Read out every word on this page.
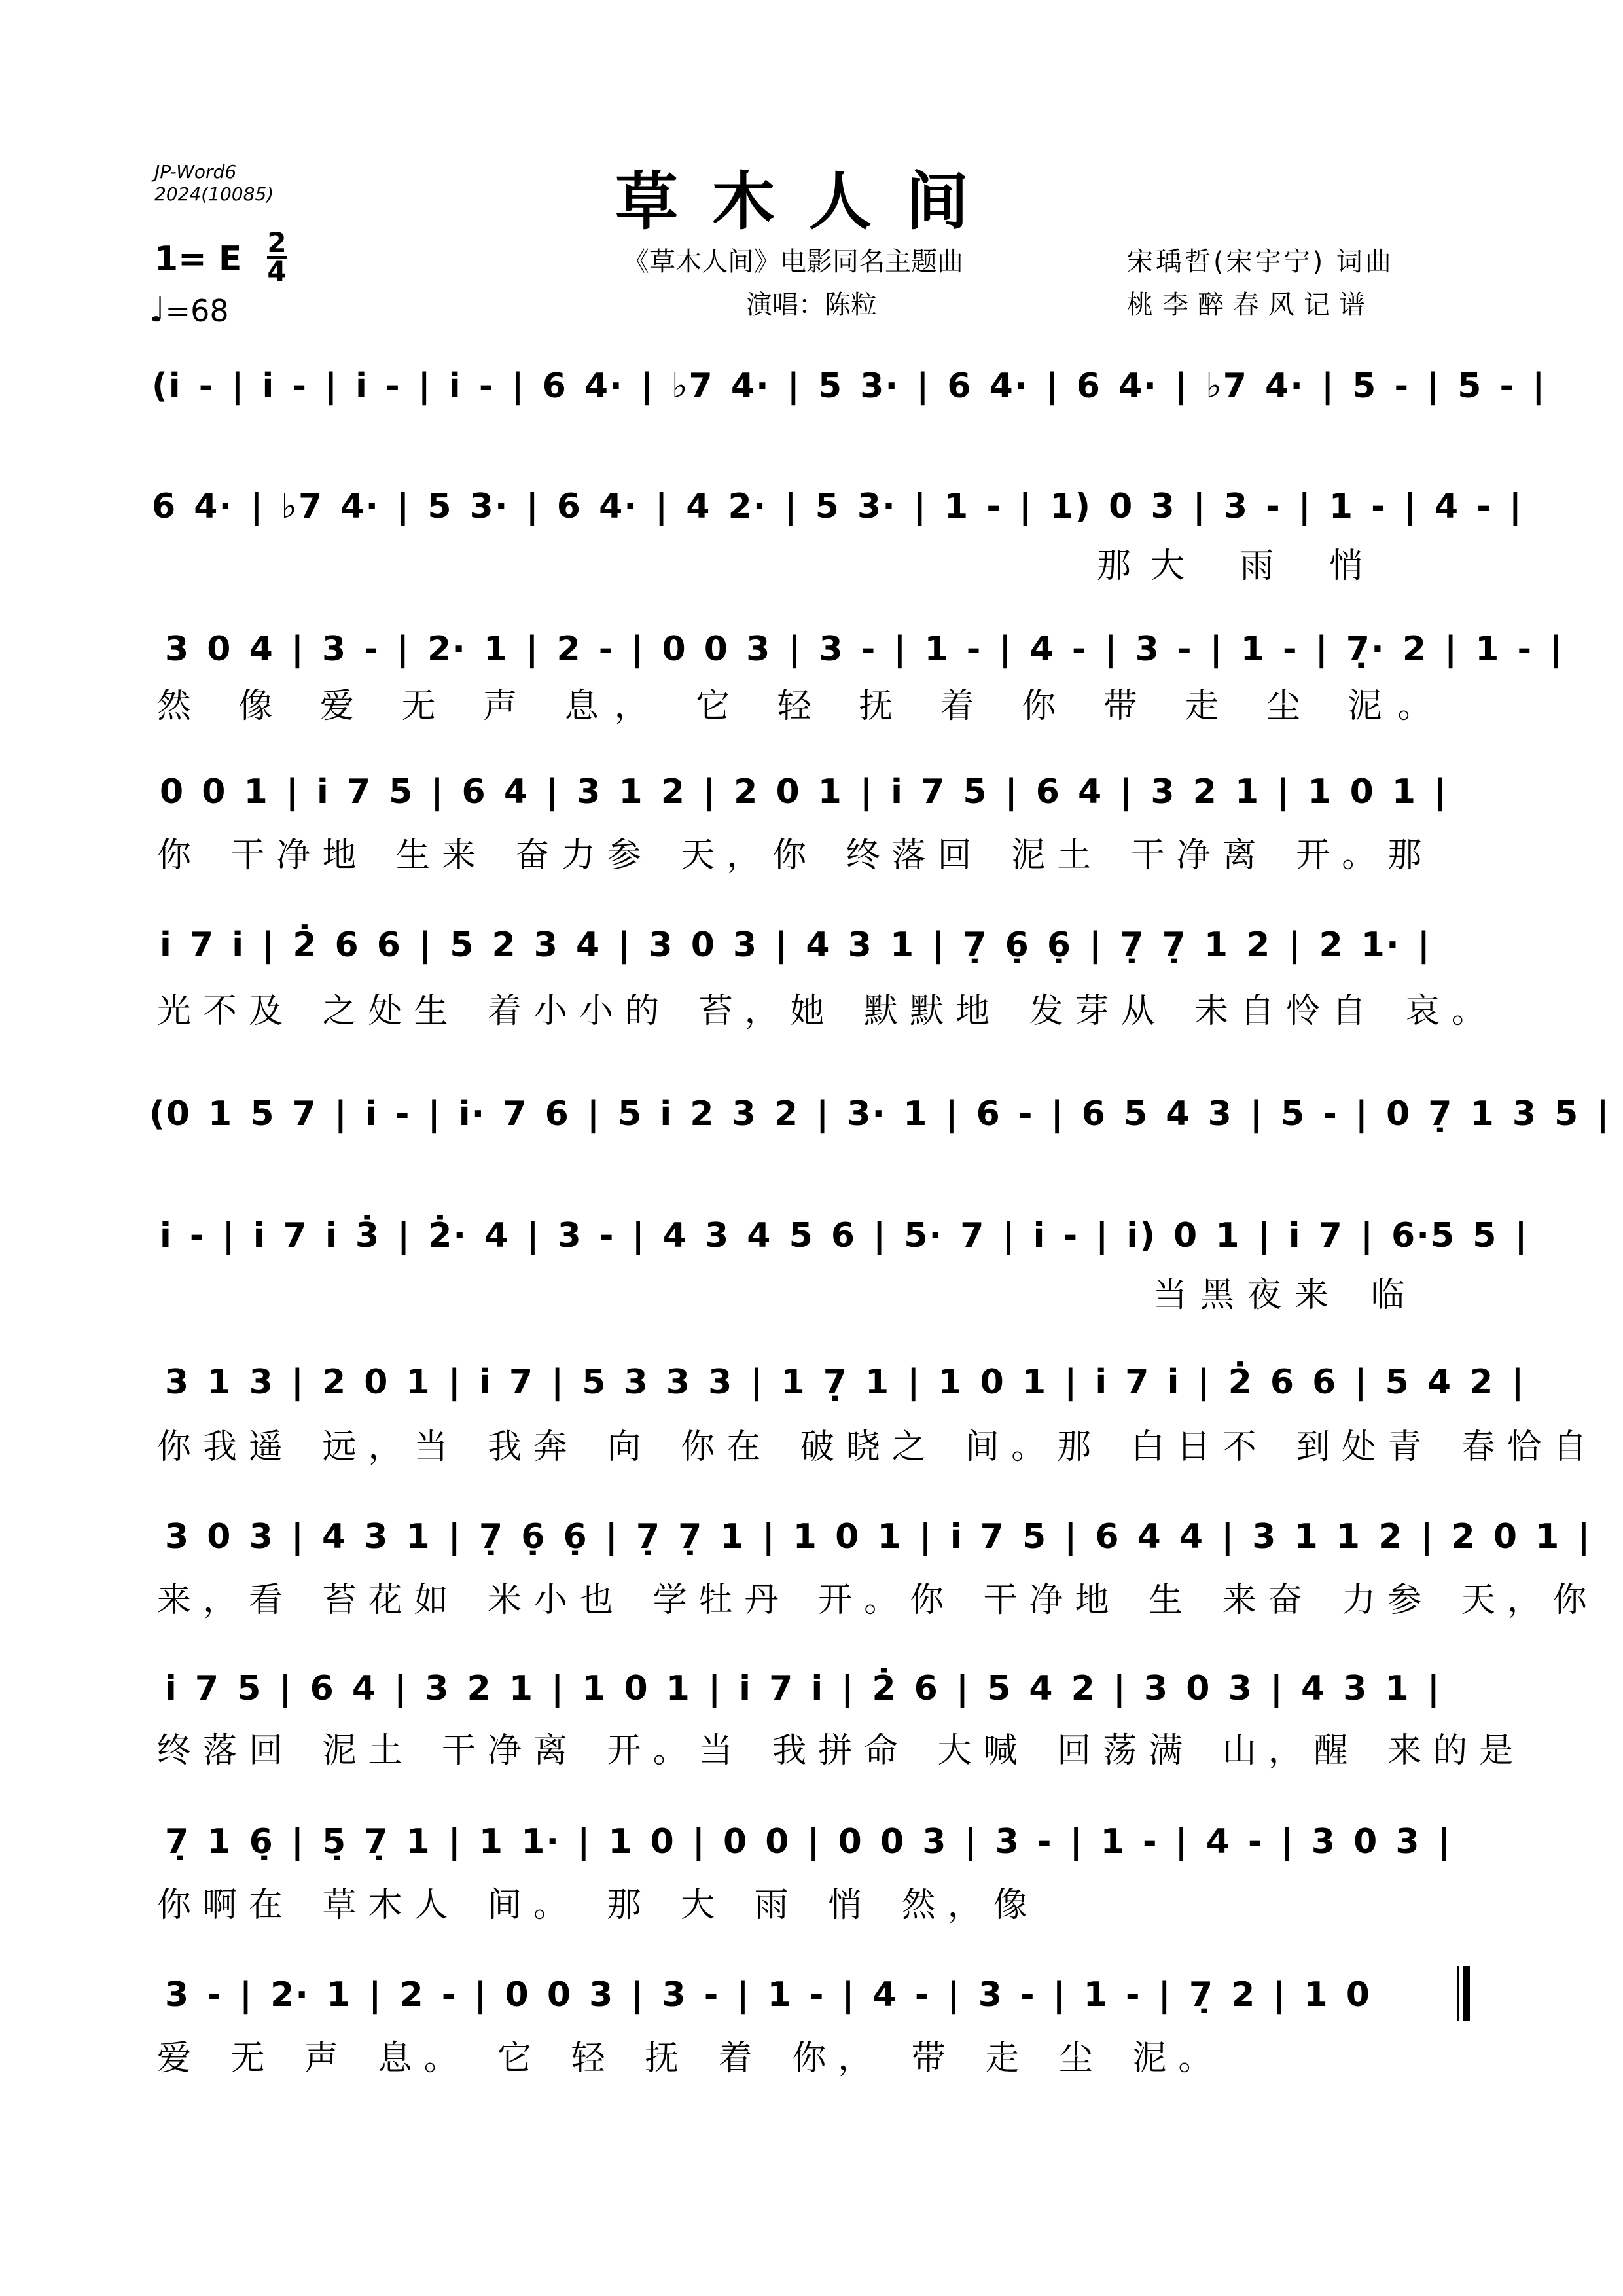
JP-Word6
2024(10085)	草木人间
《草木人间》电影同名主题曲
演唱：陈粒
宋瑀哲(宋宇宁) 词曲
桃李醉春风记谱
1= E 2
4
♩=68
(i̇ - | i̇ - | i̇ - | i̇ - | 6 4· | ♭7 4· | 5 3· | 6 4· | 6 4· | ♭7 4· | 5 - | 5 - |
6 4· | ♭7 4· | 5 3· | 6 4· | 4 2· | 5 3· | 1 - | 1) 0 3 | 3 - | 1 - | 4 - |
那大 雨 悄
3 0 4 | 3 - | 2· 1 | 2 - | 0 0 3 | 3 - | 1 - | 4 - | 3 - | 1 - | 7̣· 2 | 1 - |
然 像 爱 无 声 息， 它 轻 抚 着 你 带 走 尘 泥。
0 0 1 | i̇ 7 5 | 6 4 | 3 1 2 | 2 0 1 | i̇ 7 5 | 6 4 | 3 2 1 | 1 0 1 |
你 干净地 生来 奋力参 天，你 终落回 泥土 干净离 开。那
i̇ 7 i̇ | 2̇ 6 6 | 5 2 3 4 | 3 0 3 | 4 3 1 | 7̣ 6̣ 6̣ | 7̣ 7̣ 1 2 | 2 1· |
光不及 之处生 着小小的 苔，她 默默地 发芽从 未自怜自 哀。
(0 1 5 7 | i̇ - | i̇· 7 6 | 5 i̇ 2 3 2 | 3· 1 | 6 - | 6 5 4 3 | 5 - | 0 7̣ 1 3 5 |
i̇ - | i̇ 7 i̇ 3̇ | 2̇· 4 | 3 - | 4 3 4 5 6 | 5· 7 | i̇ - | i̇) 0 1 | i̇ 7 | 6·5 5 |
当黑夜来 临
3 1 3 | 2 0 1 | i̇ 7 | 5 3 3 3 | 1 7̣ 1 | 1 0 1 | i̇ 7 i̇ | 2̇ 6 6 | 5 4 2 |
你我遥 远，当 我奔 向 你在 破晓之 间。那 白日不 到处青 春恰自
3 0 3 | 4 3 1 | 7̣ 6̣ 6̣ | 7̣ 7̣ 1 | 1 0 1 | i̇ 7 5 | 6 4 4 | 3 1 1 2 | 2 0 1 |
来，看 苔花如 米小也 学牡丹 开。你 干净地 生 来奋 力参 天，你
i̇ 7 5 | 6 4 | 3 2 1 | 1 0 1 | i̇ 7 i̇ | 2̇ 6 | 5 4 2 | 3 0 3 | 4 3 1 |
终落回 泥土 干净离 开。当 我拼命 大喊 回荡满 山，醒 来的是
7̣ 1 6̣ | 5̣ 7̣ 1 | 1 1· | 1 0 | 0 0 | 0 0 3 | 3 - | 1 - | 4 - | 3 0 3 |
你啊在 草木人 间。 那 大 雨 悄 然，像
3 - | 2· 1 | 2 - | 0 0 3 | 3 - | 1 - | 4 - | 3 - | 1 - | 7̣ 2 | 1 0
爱 无 声 息。 它 轻 抚 着 你， 带 走 尘 泥。
